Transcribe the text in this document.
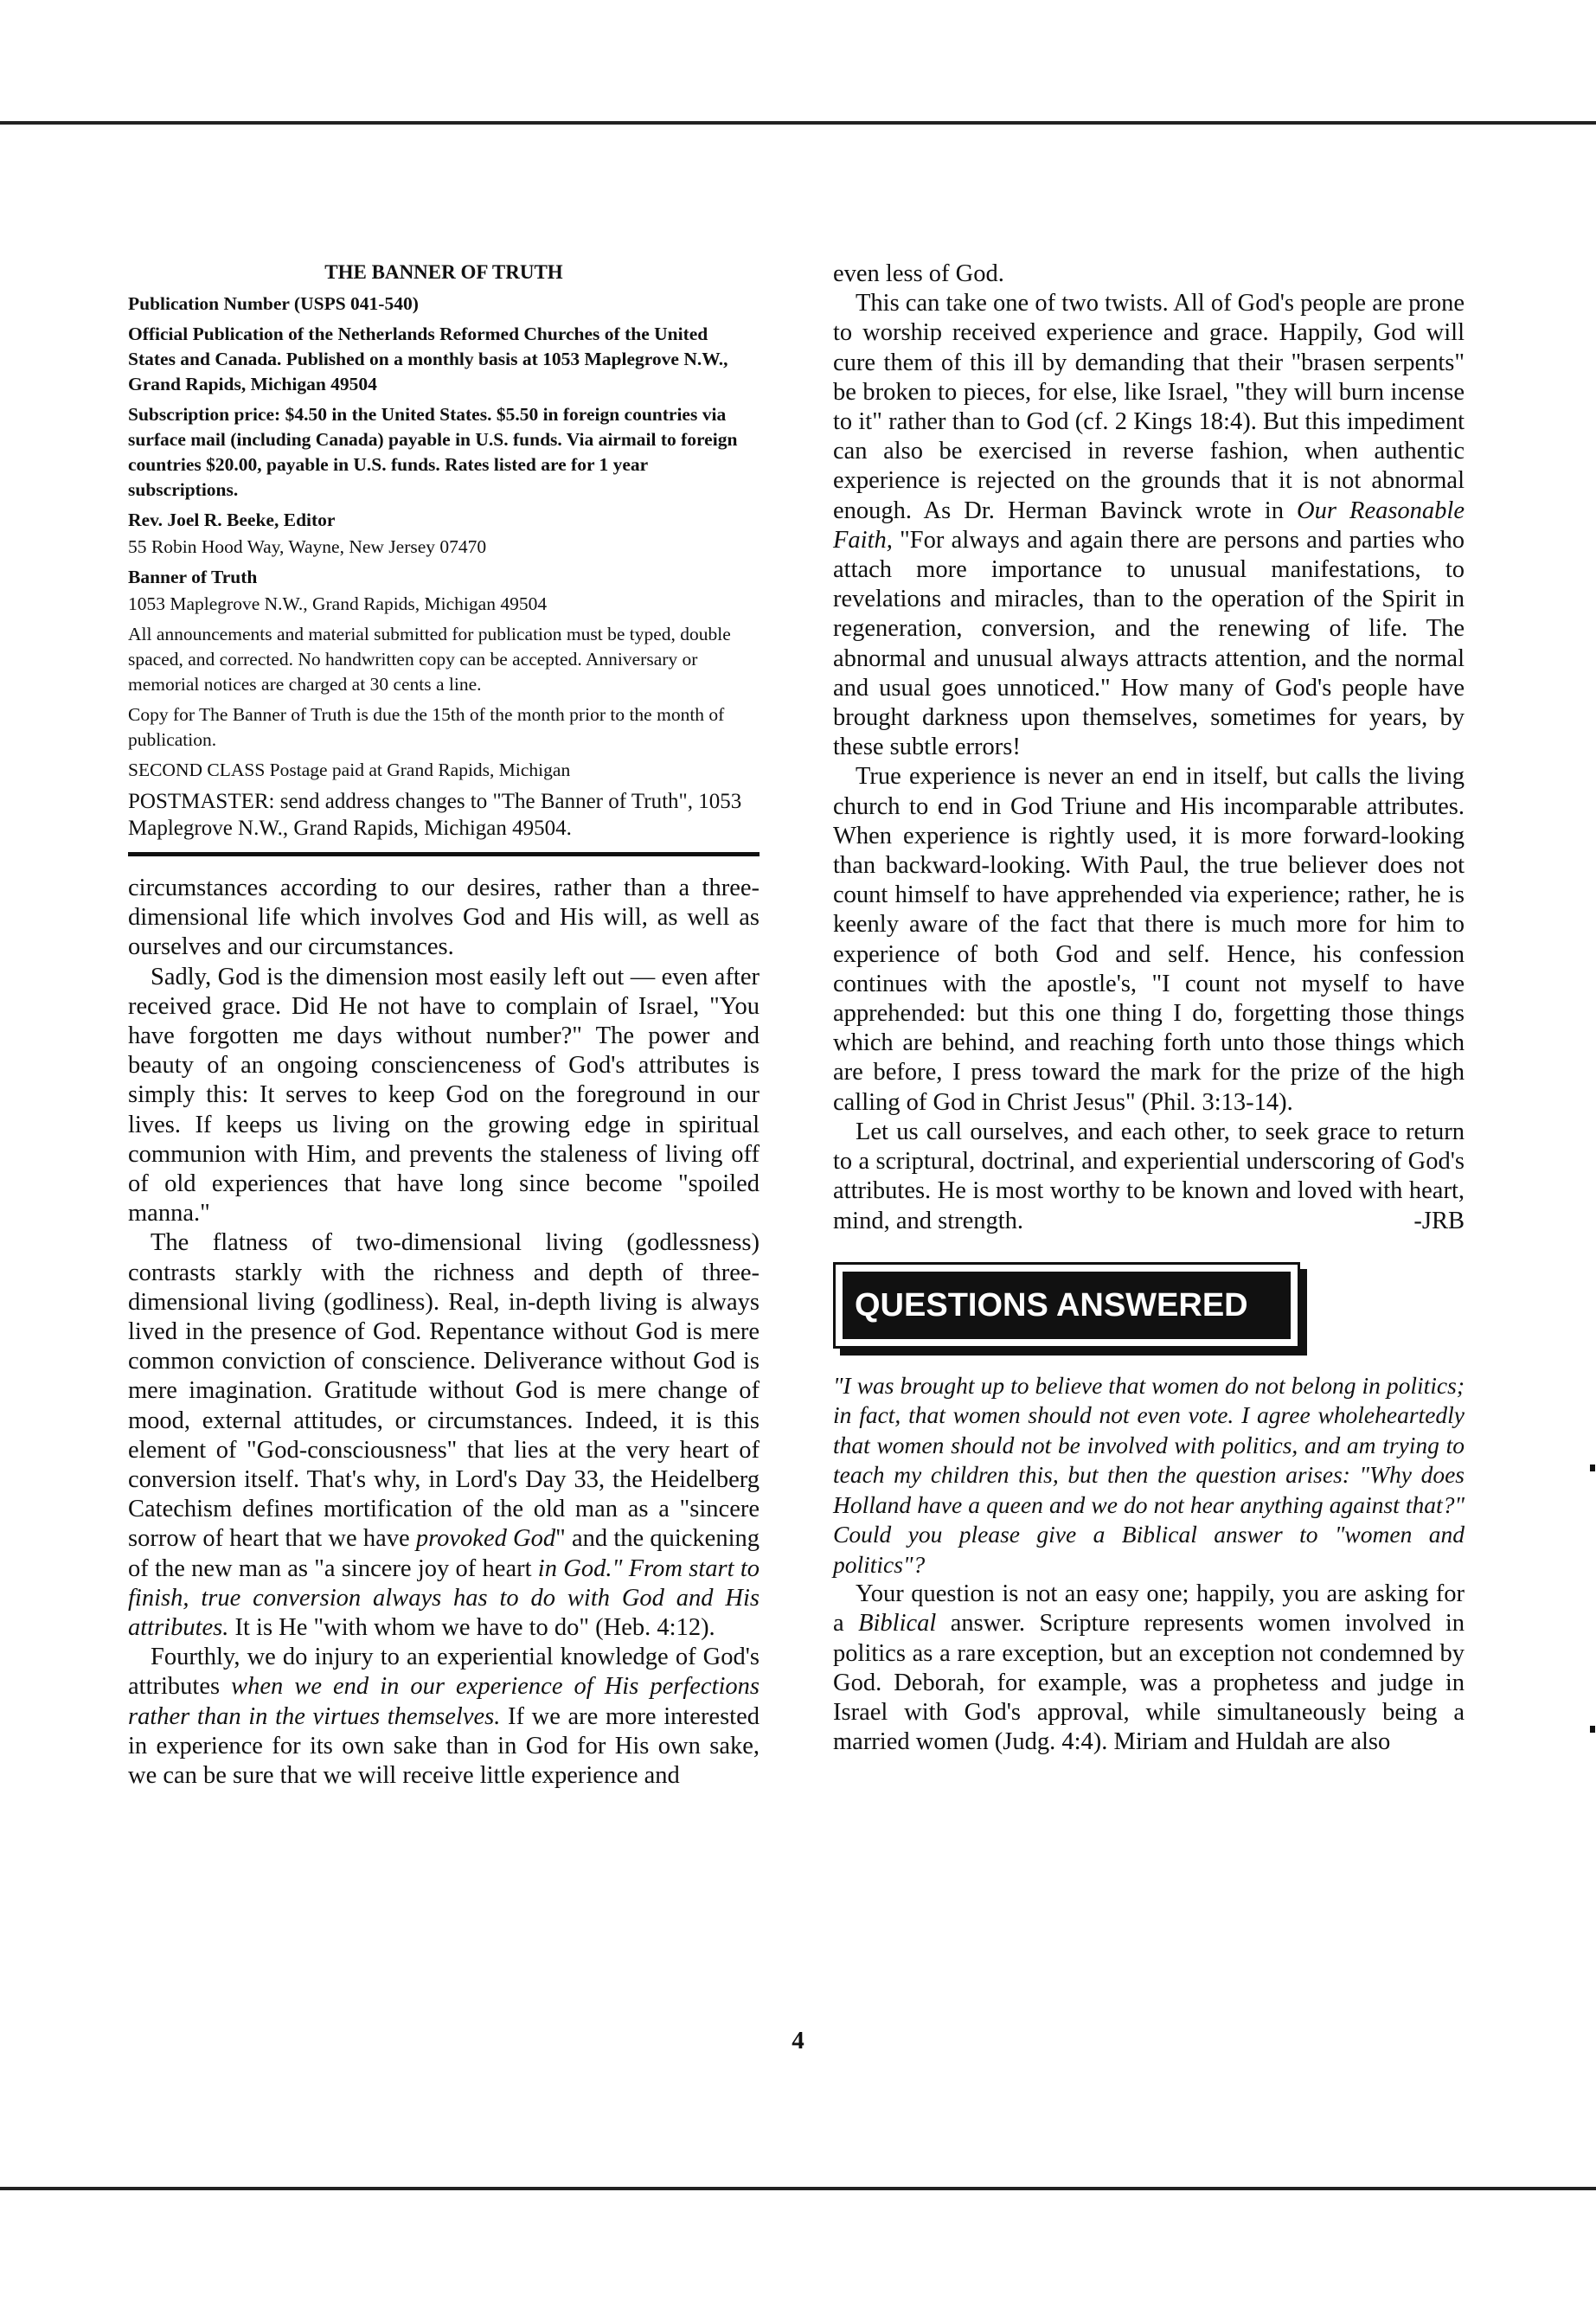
THE BANNER OF TRUTH

Publication Number (USPS 041-540)

Official Publication of the Netherlands Reformed Churches of the United States and Canada. Published on a monthly basis at 1053 Maplegrove N.W., Grand Rapids, Michigan 49504

Subscription price: $4.50 in the United States. $5.50 in foreign countries via surface mail (including Canada) payable in U.S. funds. Via airmail to foreign countries $20.00, payable in U.S. funds. Rates listed are for 1 year subscriptions.

Rev. Joel R. Beeke, Editor

55 Robin Hood Way, Wayne, New Jersey 07470

Banner of Truth

1053 Maplegrove N.W., Grand Rapids, Michigan 49504

All announcements and material submitted for publication must be typed, double spaced, and corrected. No handwritten copy can be accepted. Anniversary or memorial notices are charged at 30 cents a line.

Copy for The Banner of Truth is due the 15th of the month prior to the month of publication.

SECOND CLASS Postage paid at Grand Rapids, Michigan

POSTMASTER: send address changes to "The Banner of Truth", 1053 Maplegrove N.W., Grand Rapids, Michigan 49504.

circumstances according to our desires, rather than a three-dimensional life which involves God and His will, as well as ourselves and our circumstances.

Sadly, God is the dimension most easily left out — even after received grace. Did He not have to complain of Israel, "You have forgotten me days without number?" The power and beauty of an ongoing conscienceness of God's attributes is simply this: It serves to keep God on the foreground in our lives. If keeps us living on the growing edge in spiritual communion with Him, and prevents the staleness of living off of old experiences that have long since become "spoiled manna."

The flatness of two-dimensional living (godlessness) contrasts starkly with the richness and depth of three-dimensional living (godliness). Real, in-depth living is always lived in the presence of God. Repentance without God is mere common conviction of conscience. Deliverance without God is mere imagination. Gratitude without God is mere change of mood, external attitudes, or circumstances. Indeed, it is this element of "God-consciousness" that lies at the very heart of conversion itself. That's why, in Lord's Day 33, the Heidelberg Catechism defines mortification of the old man as a "sincere sorrow of heart that we have provoked God" and the quickening of the new man as "a sincere joy of heart in God." From start to finish, true conversion always has to do with God and His attributes. It is He "with whom we have to do" (Heb. 4:12).

Fourthly, we do injury to an experiential knowledge of God's attributes when we end in our experience of His perfections rather than in the virtues themselves. If we are more interested in experience for its own sake than in God for His own sake, we can be sure that we will receive little experience and

even less of God.

This can take one of two twists. All of God's people are prone to worship received experience and grace. Happily, God will cure them of this ill by demanding that their "brasen serpents" be broken to pieces, for else, like Israel, "they will burn incense to it" rather than to God (cf. 2 Kings 18:4). But this impediment can also be exercised in reverse fashion, when authentic experience is rejected on the grounds that it is not abnormal enough. As Dr. Herman Bavinck wrote in Our Reasonable Faith, "For always and again there are persons and parties who attach more importance to unusual manifestations, to revelations and miracles, than to the operation of the Spirit in regeneration, conversion, and the renewing of life. The abnormal and unusual always attracts attention, and the normal and usual goes unnoticed." How many of God's people have brought darkness upon themselves, sometimes for years, by these subtle errors!

True experience is never an end in itself, but calls the living church to end in God Triune and His incomparable attributes. When experience is rightly used, it is more forward-looking than backward-looking. With Paul, the true believer does not count himself to have apprehended via experience; rather, he is keenly aware of the fact that there is much more for him to experience of both God and self. Hence, his confession continues with the apostle's, "I count not myself to have apprehended: but this one thing I do, forgetting those things which are behind, and reaching forth unto those things which are before, I press toward the mark for the prize of the high calling of God in Christ Jesus" (Phil. 3:13-14).

Let us call ourselves, and each other, to seek grace to return to a scriptural, doctrinal, and experiential underscoring of God's attributes. He is most worthy to be known and loved with heart, mind, and strength.	-JRB

QUESTIONS ANSWERED

"I was brought up to believe that women do not belong in politics; in fact, that women should not even vote. I agree wholeheartedly that women should not be involved with politics, and am trying to teach my children this, but then the question arises: "Why does Holland have a queen and we do not hear anything against that?" Could you please give a Biblical answer to "women and politics"?

Your question is not an easy one; happily, you are asking for a Biblical answer. Scripture represents women involved in politics as a rare exception, but an exception not condemned by God. Deborah, for example, was a prophetess and judge in Israel with God's approval, while simultaneously being a married women (Judg. 4:4). Miriam and Huldah are also

4
